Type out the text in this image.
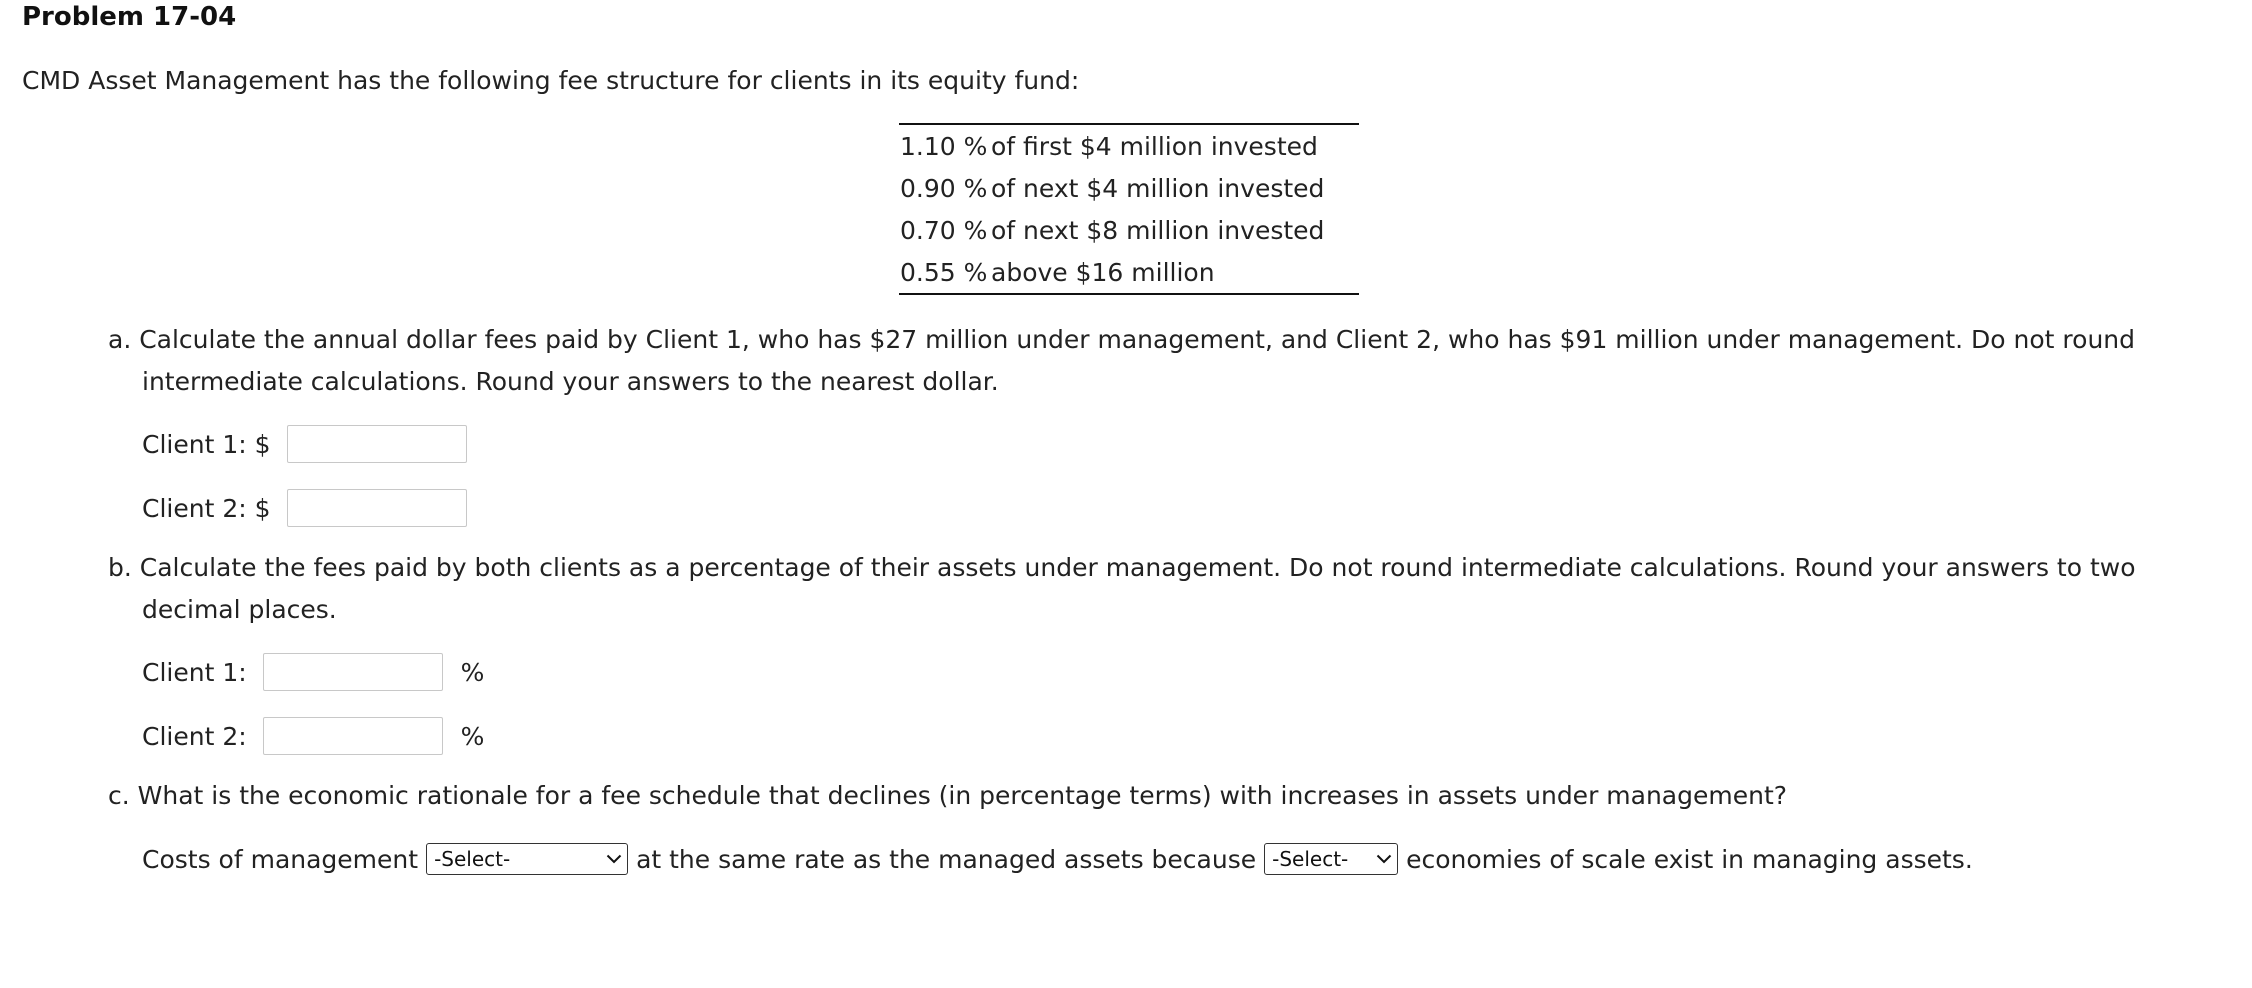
Problem 17-04

CMD Asset Management has the following fee structure for clients in its equity fund:

1.10 %	of first $4 million invested
0.90 %	of next $4 million invested
0.70 %	of next $8 million invested
0.55 %	above $16 million

a. Calculate the annual dollar fees paid by Client 1, who has $27 million under management, and Client 2, who has $91 million under management. Do not round intermediate calculations. Round your answers to the nearest dollar.

Client 1: $
Client 2: $

b. Calculate the fees paid by both clients as a percentage of their assets under management. Do not round intermediate calculations. Round your answers to two decimal places.

Client 1:	%
Client 2:	%

c. What is the economic rationale for a fee schedule that declines (in percentage terms) with increases in assets under management?

Costs of management -Select-	at the same rate as the managed assets because -Select-	economies of scale exist in managing assets.
